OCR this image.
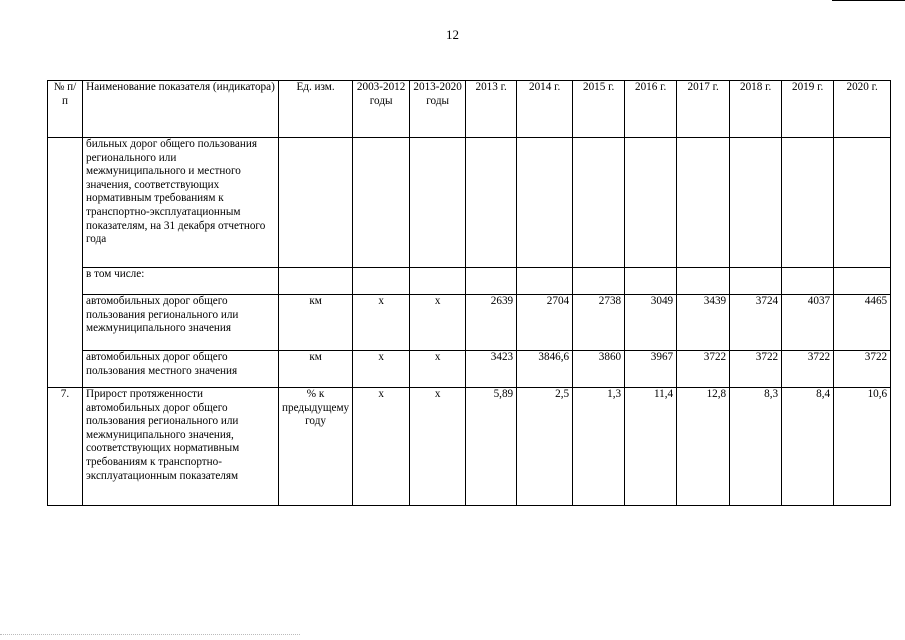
12
№ п/п	Наименование показателя (индикатора)	Ед. изм.	2003-2012 годы	2013-2020 годы	2013 г.	2014 г.	2015 г.	2016 г.	2017 г.	2018 г.	2019 г.	2020 г.
	бильных дорог общего пользования регионального или межмуниципального и местного значения, соответствующих нормативным требованиям к транспортно-эксплуатационным показателям, на 31 декабря отчетного года											
	в том числе:											
	автомобильных дорог общего пользования регионального или межмуниципального значения	км	х	х	2639	2704	2738	3049	3439	3724	4037	4465
	автомобильных дорог общего пользования местного значения	км	х	х	3423	3846,6	3860	3967	3722	3722	3722	3722
7.	Прирост протяженности автомобильных дорог общего пользования регионального или межмуниципального значения, соответствующих нормативным требованиям к транспортно-эксплуатационным показателям	% к предыдущему году	х	х	5,89	2,5	1,3	11,4	12,8	8,3	8,4	10,6
